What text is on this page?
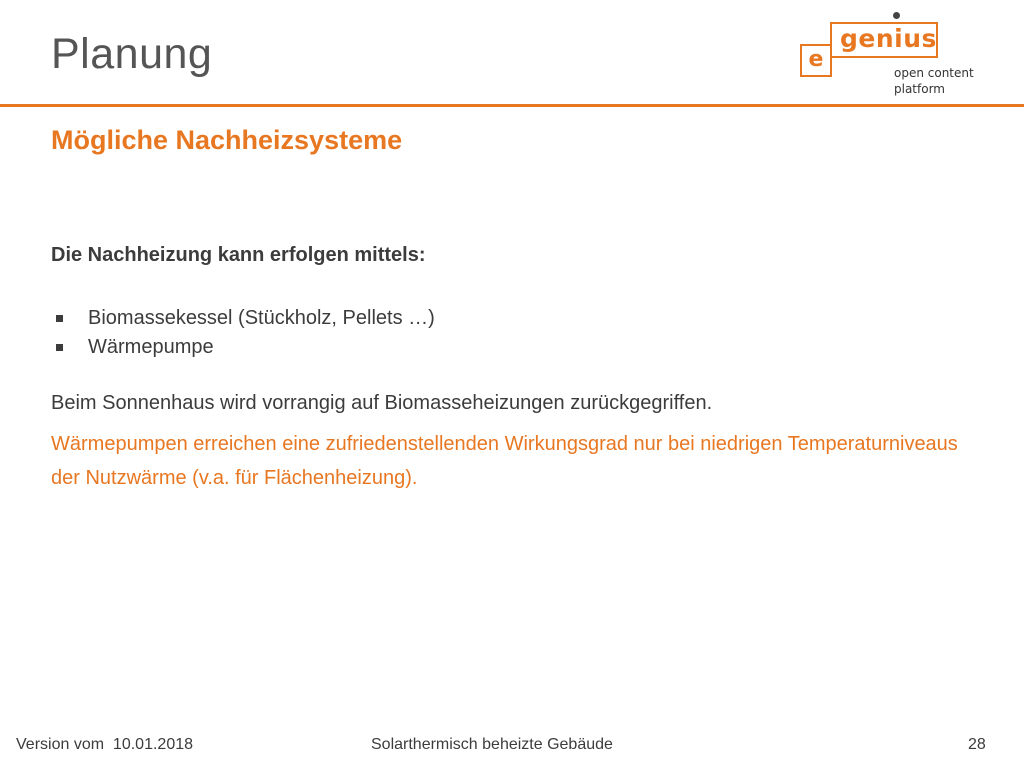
Planung	genius
e
open content platform
Mögliche Nachheizsysteme

Die Nachheizung kann erfolgen mittels:

Biomassekessel (Stückholz, Pellets …)
Wärmepumpe

Beim Sonnenhaus wird vorrangig auf Biomasseheizungen zurückgegriffen.

Wärmepumpen erreichen eine zufriedenstellenden Wirkungsgrad nur bei niedrigen Temperaturniveaus der Nutzwärme (v.a. für Flächenheizung).

Version vom  10.01.2018	Solarthermisch beheizte Gebäude	28
